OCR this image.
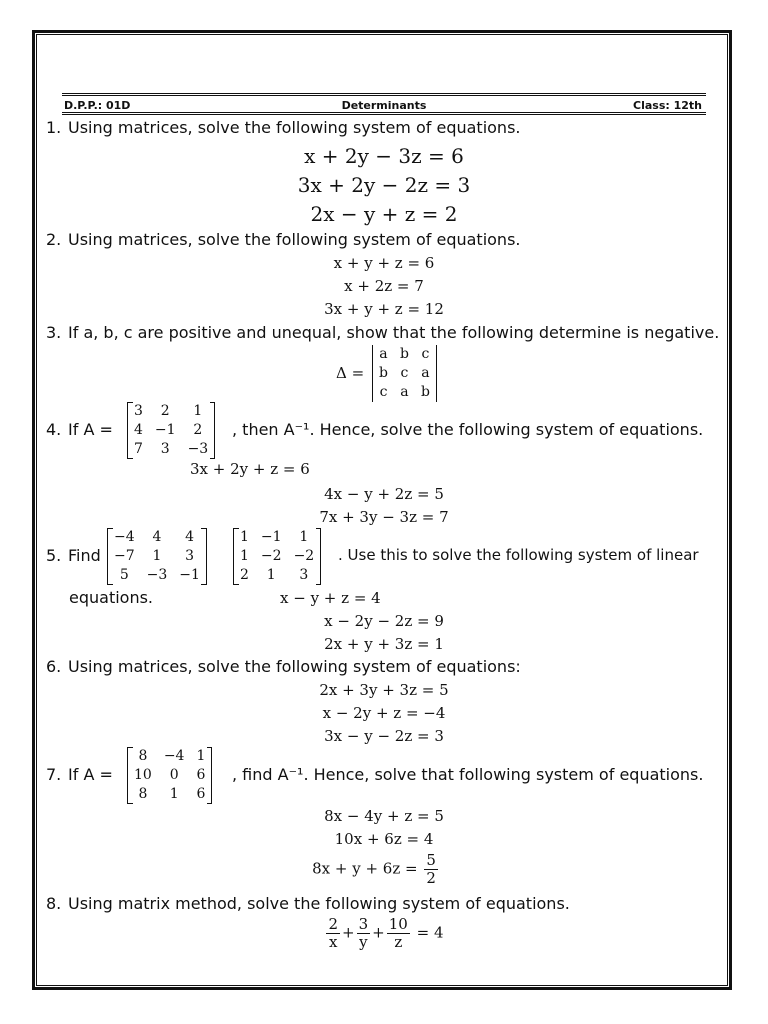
D.P.P.: 01D	Determinants	Class: 12th
1. Using matrices, solve the following system of equations.
x + 2y − 3z = 6
3x + 2y − 2z = 3
2x − y + z = 2
2. Using matrices, solve the following system of equations.
x + y + z = 6
x + 2z = 7
3x + y + z = 12
3. If a, b, c are positive and unequal, show that the following determine is negative.
Δ =
a	b	c
b	c	a
c	a	b
4. If A =
3	2	1
4	−1	2
7	3	−3

, then A⁻¹. Hence, solve the following system of equations.
3x + 2y + z = 6
4x − y + 2z = 5
7x + 3y − 3z = 7
5. Find
−4	4	4
−7	1	3
5	−3	−1

1	−1	1
1	−2	−2
2	1	3

. Use this to solve the following system of linear
equations.	x − y + z = 4
x − 2y − 2z = 9
2x + y + 3z = 1
6. Using matrices, solve the following system of equations:
2x + 3y + 3z = 5
x − 2y + z = −4
3x − y − 2z = 3
7. If A =
8	−4	1
10	0	6
8	1	6

, find A⁻¹. Hence, solve that following system of equations.
8x − 4y + z = 5
10x + 6z = 4
$8x + y + 6z = \frac{5}{2}$
8. Using matrix method, solve the following system of equations.
$\frac{2}{x} + \frac{3}{y} + \frac{10}{z} = 4$
